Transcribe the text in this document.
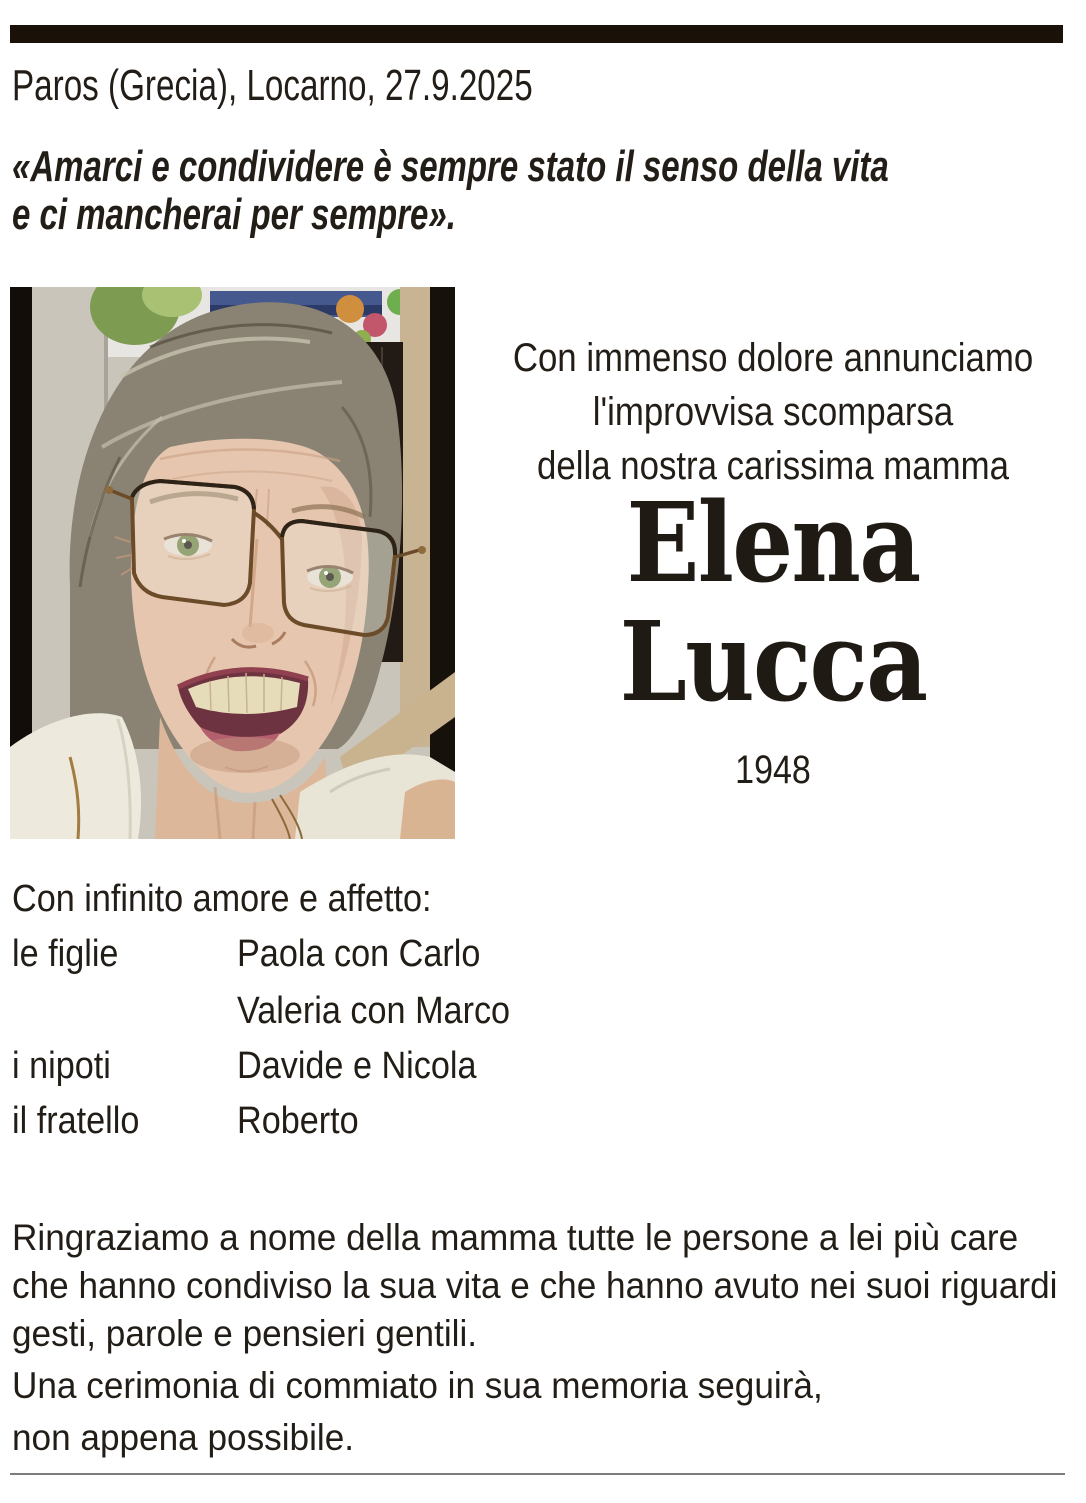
Paros (Grecia), Locarno, 27.9.2025
«Amarci e condividere è sempre stato il senso della vita
e ci mancherai per sempre».
Con immenso dolore annunciamo
l'improvvisa scomparsa
della nostra carissima mamma
Elena
Lucca
1948
Con infinito amore e affetto:
le figlie	Paola con Carlo
Valeria con Marco
i nipoti	Davide e Nicola
il fratello	Roberto
Ringraziamo a nome della mamma tutte le persone a lei più care
che hanno condiviso la sua vita e che hanno avuto nei suoi riguardi
gesti, parole e pensieri gentili.
Una cerimonia di commiato in sua memoria seguirà,
non appena possibile.
